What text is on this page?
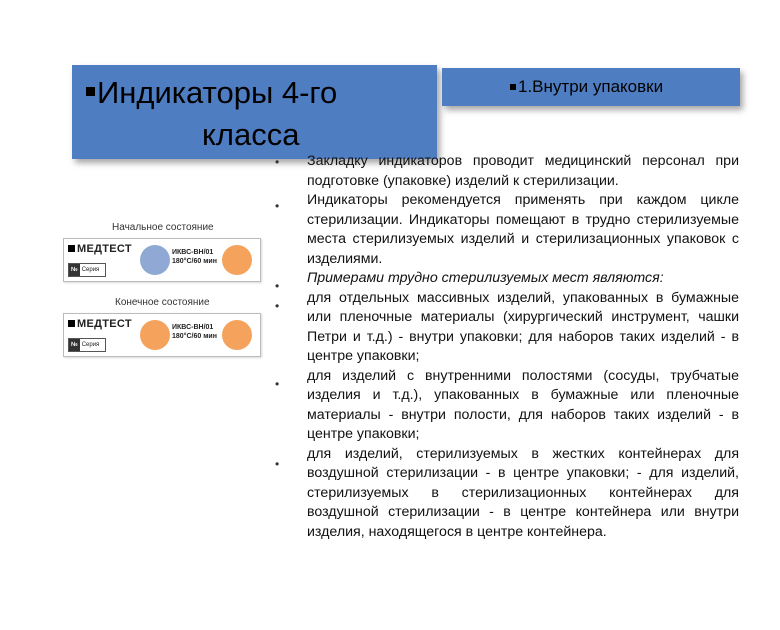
Индикаторы 4-го
класса
1.Внутри упаковки
Начальное состояние
МЕДТЕСТ
№ Серия
ИКВС-ВН/01
180°С/60 мин
Конечное состояние
МЕДТЕСТ
№ Серия
ИКВС-ВН/01
180°С/60 мин
•
•
•
•
•
•

Закладку индикаторов проводит медицинский персонал при подготовке (упаковке) изделий к стерилизации.

Индикаторы рекомендуется применять при каждом цикле стерилизации. Индикаторы помещают в трудно стерилизуемые места стерилизуемых изделий и стерилизационных упаковок с изделиями.

Примерами трудно стерилизуемых мест являются:

для отдельных массивных изделий, упакованных в бумажные или пленочные материалы (хирургический инструмент, чашки Петри и т.д.) - внутри упаковки; для наборов таких изделий - в центре упаковки;

для изделий с внутренними полостями (сосуды, трубчатые изделия и т.д.), упакованных в бумажные или пленочные материалы - внутри полости, для наборов таких изделий - в центре упаковки;

для изделий, стерилизуемых в жестких контейнерах для воздушной стерилизации - в центре упаковки; - для изделий, стерилизуемых в стерилизационных контейнерах для воздушной стерилизации - в центре контейнера или внутри изделия, находящегося в центре контейнера.
